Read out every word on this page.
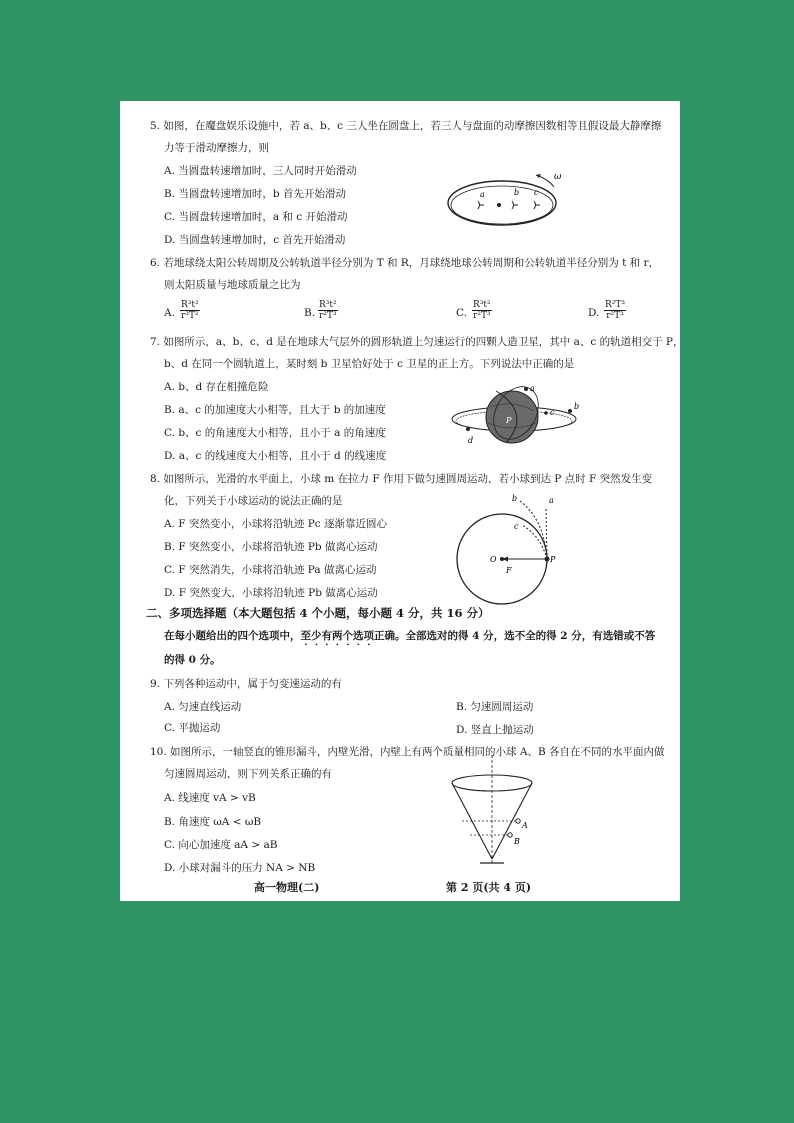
5. 如图，在魔盘娱乐设施中，若 a、b、c 三人坐在圆盘上，若三人与盘面的动摩擦因数相等且假设最大静摩擦
力等于滑动摩擦力，则
A. 当圆盘转速增加时，三人同时开始滑动
B. 当圆盘转速增加时，b 首先开始滑动
C. 当圆盘转速增加时，a 和 c 开始滑动
D. 当圆盘转速增加时，c 首先开始滑动
ω
a	b c
6. 若地球绕太阳公转周期及公转轨道半径分别为 T 和 R，月球绕地球公转周期和公转轨道半径分别为 t 和 r，
则太阳质量与地球质量之比为
A. $\frac{\text{R³t²}}{\text{r³T²}}$	B. $\frac{\text{R³t²}}{\text{r²T³}}$	C. $\frac{\text{R³t²}}{\text{r²T³}}$	D. $\frac{\text{R²T³}}{\text{r²T³}}$
7. 如图所示，a、b、c、d 是在地球大气层外的圆形轨道上匀速运行的四颗人造卫星，其中 a、c 的轨道相交于 P，
b、d 在同一个圆轨道上，某时刻 b 卫星恰好处于 c 卫星的正上方。下列说法中正确的是
A. b、d 存在相撞危险
B. a、c 的加速度大小相等，且大于 b 的加速度
C. b、c 的角速度大小相等，且小于 a 的角速度
D. a、c 的线速度大小相等，且小于 d 的线速度
a
b
c
d
P
8. 如图所示，光滑的水平面上，小球 m 在拉力 F 作用下做匀速圆周运动，若小球到达 P 点时 F 突然发生变
化，下列关于小球运动的说法正确的是
A. F 突然变小，小球将沿轨迹 Pc 逐渐靠近圆心
B. F 突然变小，小球将沿轨迹 Pb 做离心运动
C. F 突然消失，小球将沿轨迹 Pa 做离心运动
D. F 突然变大，小球将沿轨迹 Pb 做离心运动
a
b
c
O	P
F
二、多项选择题（本大题包括 4 个小题，每小题 4 分，共 16 分）
在每小题给出的四个选项中，至少有两个选项正确。全部选对的得 4 分，选不全的得 2 分，有选错或不答
的得 0 分。
9. 下列各种运动中，属于匀变速运动的有
A. 匀速直线运动	B. 匀速圆周运动
C. 平抛运动	D. 竖直上抛运动
10. 如图所示，一轴竖直的锥形漏斗，内壁光滑，内壁上有两个质量相同的小球 A、B 各自在不同的水平面内做
匀速圆周运动，则下列关系正确的有
A. 线速度 vA > vB
B. 角速度 ωA < ωB
C. 向心加速度 aA > aB
D. 小球对漏斗的压力 NA > NB
A
B
高一物理(二)	第 2 页(共 4 页)
